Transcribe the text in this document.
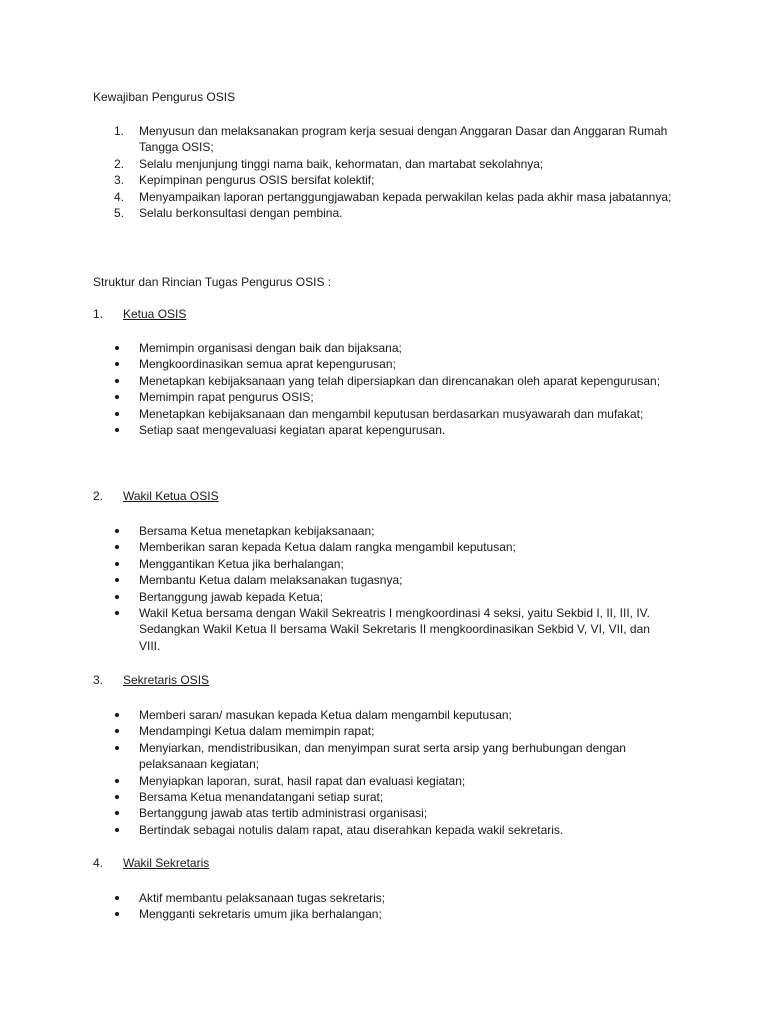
Kewajiban Pengurus OSIS
1. Menyusun dan melaksanakan program kerja sesuai dengan Anggaran Dasar dan Anggaran Rumah Tangga OSIS;
2. Selalu menjunjung tinggi nama baik, kehormatan, dan martabat sekolahnya;
3. Kepimpinan pengurus OSIS bersifat kolektif;
4. Menyampaikan laporan pertanggungjawaban kepada perwakilan kelas pada akhir masa jabatannya;
5. Selalu berkonsultasi dengan pembina.
Struktur dan Rincian Tugas Pengurus OSIS :
1. Ketua OSIS
Memimpin organisasi dengan baik dan bijaksana;
Mengkoordinasikan semua aprat kepengurusan;
Menetapkan kebijaksanaan yang telah dipersiapkan dan direncanakan oleh aparat kepengurusan;
Memimpin rapat pengurus OSIS;
Menetapkan kebijaksanaan dan mengambil keputusan berdasarkan musyawarah dan mufakat;
Setiap saat mengevaluasi kegiatan aparat kepengurusan.
2. Wakil Ketua OSIS
Bersama Ketua menetapkan kebijaksanaan;
Memberikan saran kepada Ketua dalam rangka mengambil keputusan;
Menggantikan Ketua jika berhalangan;
Membantu Ketua dalam melaksanakan tugasnya;
Bertanggung jawab kepada Ketua;
Wakil Ketua bersama dengan Wakil Sekreatris I mengkoordinasi 4 seksi, yaitu Sekbid I, II, III, IV. Sedangkan Wakil Ketua II bersama Wakil Sekretaris II mengkoordinasikan Sekbid V, VI, VII, dan VIII.
3. Sekretaris OSIS
Memberi saran/ masukan kepada Ketua dalam mengambil keputusan;
Mendampingi Ketua dalam memimpin rapat;
Menyiarkan, mendistribusikan, dan menyimpan surat serta arsip yang berhubungan dengan pelaksanaan kegiatan;
Menyiapkan laporan, surat, hasil rapat dan evaluasi kegiatan;
Bersama Ketua menandatangani setiap surat;
Bertanggung jawab atas tertib administrasi organisasi;
Bertindak sebagai notulis dalam rapat, atau diserahkan kepada wakil sekretaris.
4. Wakil Sekretaris
Aktif membantu pelaksanaan tugas sekretaris;
Mengganti sekretaris umum jika berhalangan;
